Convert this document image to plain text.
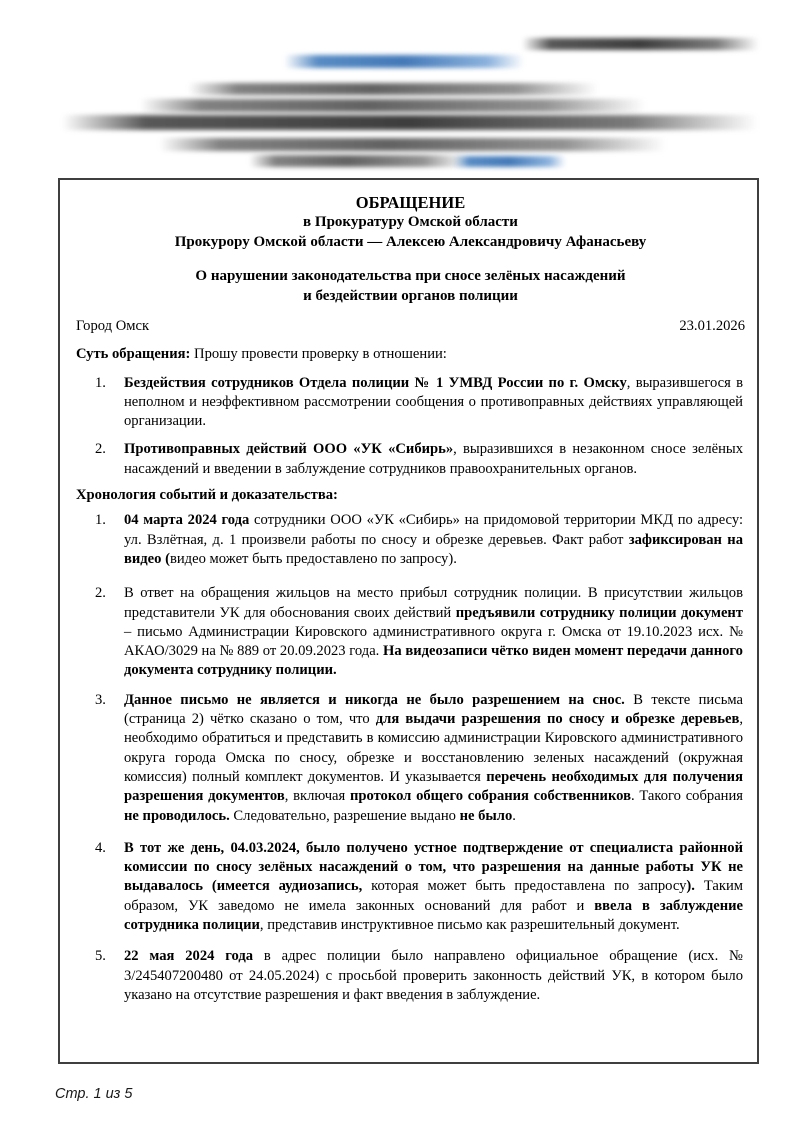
ОБРАЩЕНИЕ
в Прокуратуру Омской области
Прокурору Омской области — Алексею Александровичу Афанасьеву
О нарушении законодательства при сносе зелёных насаждений
и бездействии органов полиции
Город Омск	23.01.2026
Суть обращения: Прошу провести проверку в отношении:
1. Бездействия сотрудников Отдела полиции № 1 УМВД России по г. Омску, выразившегося в неполном и неэффективном рассмотрении сообщения о противоправных действиях управляющей организации.
2. Противоправных действий ООО «УК «Сибирь», выразившихся в незаконном сносе зелёных насаждений и введении в заблуждение сотрудников правоохранительных органов.
Хронология событий и доказательства:
1. 04 марта 2024 года сотрудники ООО «УК «Сибирь» на придомовой территории МКД по адресу: ул. Взлётная, д. 1 произвели работы по сносу и обрезке деревьев. Факт работ зафиксирован на видео (видео может быть предоставлено по запросу).
2. В ответ на обращения жильцов на место прибыл сотрудник полиции. В присутствии жильцов представители УК для обоснования своих действий предъявили сотруднику полиции документ – письмо Администрации Кировского административного округа г. Омска от 19.10.2023 исх. № АКАО/3029 на № 889 от 20.09.2023 года. На видеозаписи чётко виден момент передачи данного документа сотруднику полиции.
3. Данное письмо не является и никогда не было разрешением на снос. В тексте письма (страница 2) чётко сказано о том, что для выдачи разрешения по сносу и обрезке деревьев, необходимо обратиться и представить в комиссию администрации Кировского административного округа города Омска по сносу, обрезке и восстановлению зеленых насаждений (окружная комиссия) полный комплект документов. И указывается перечень необходимых для получения разрешения документов, включая протокол общего собрания собственников. Такого собрания не проводилось. Следовательно, разрешение выдано не было.
4. В тот же день, 04.03.2024, было получено устное подтверждение от специалиста районной комиссии по сносу зелёных насаждений о том, что разрешения на данные работы УК не выдавалось (имеется аудиозапись, которая может быть предоставлена по запросу). Таким образом, УК заведомо не имела законных оснований для работ и ввела в заблуждение сотрудника полиции, представив инструктивное письмо как разрешительный документ.
5. 22 мая 2024 года в адрес полиции было направлено официальное обращение (исх. № 3/245407200480 от 24.05.2024) с просьбой проверить законность действий УК, в котором было указано на отсутствие разрешения и факт введения в заблуждение.
Стр. 1 из 5
